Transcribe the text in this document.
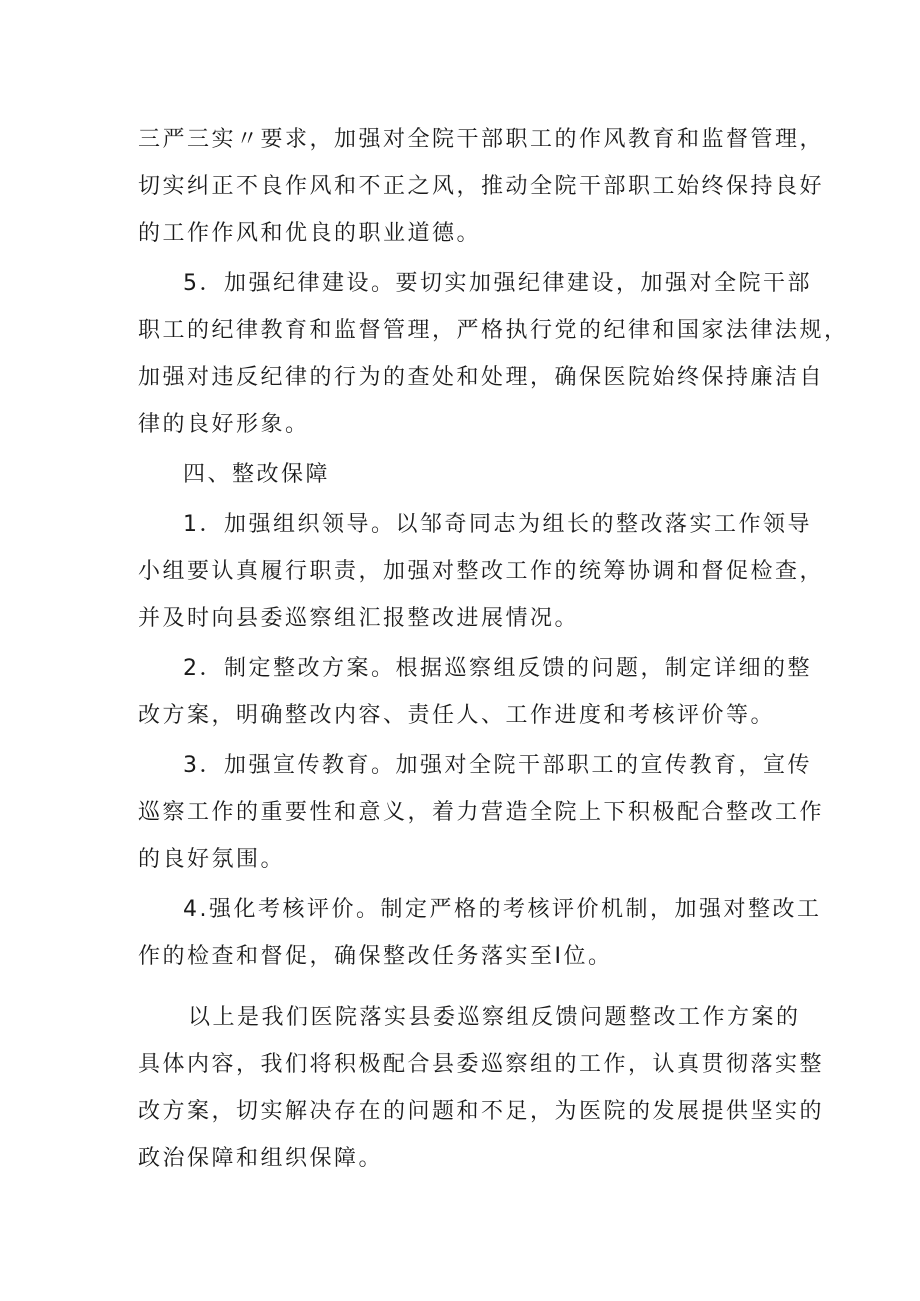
三严三实〃要求，加强对全院干部职工的作风教育和监督管理，
切实纠正不良作风和不正之风，推动全院干部职工始终保持良好
的工作作风和优良的职业道德。
5．加强纪律建设。要切实加强纪律建设，加强对全院干部
职工的纪律教育和监督管理，严格执行党的纪律和国家法律法规，
加强对违反纪律的行为的查处和处理，确保医院始终保持廉洁自
律的良好形象。
四、整改保障
1．加强组织领导。以邹奇同志为组长的整改落实工作领导
小组要认真履行职责，加强对整改工作的统筹协调和督促检查，
并及时向县委巡察组汇报整改进展情况。
2．制定整改方案。根据巡察组反馈的问题，制定详细的整
改方案，明确整改内容、责任人、工作进度和考核评价等。
3．加强宣传教育。加强对全院干部职工的宣传教育，宣传
巡察工作的重要性和意义，着力营造全院上下积极配合整改工作
的良好氛围。
4.强化考核评价。制定严格的考核评价机制，加强对整改工
作的检查和督促，确保整改任务落实至I位。
以上是我们医院落实县委巡察组反馈问题整改工作方案的
具体内容，我们将积极配合县委巡察组的工作，认真贯彻落实整
改方案，切实解决存在的问题和不足，为医院的发展提供坚实的
政治保障和组织保障。
